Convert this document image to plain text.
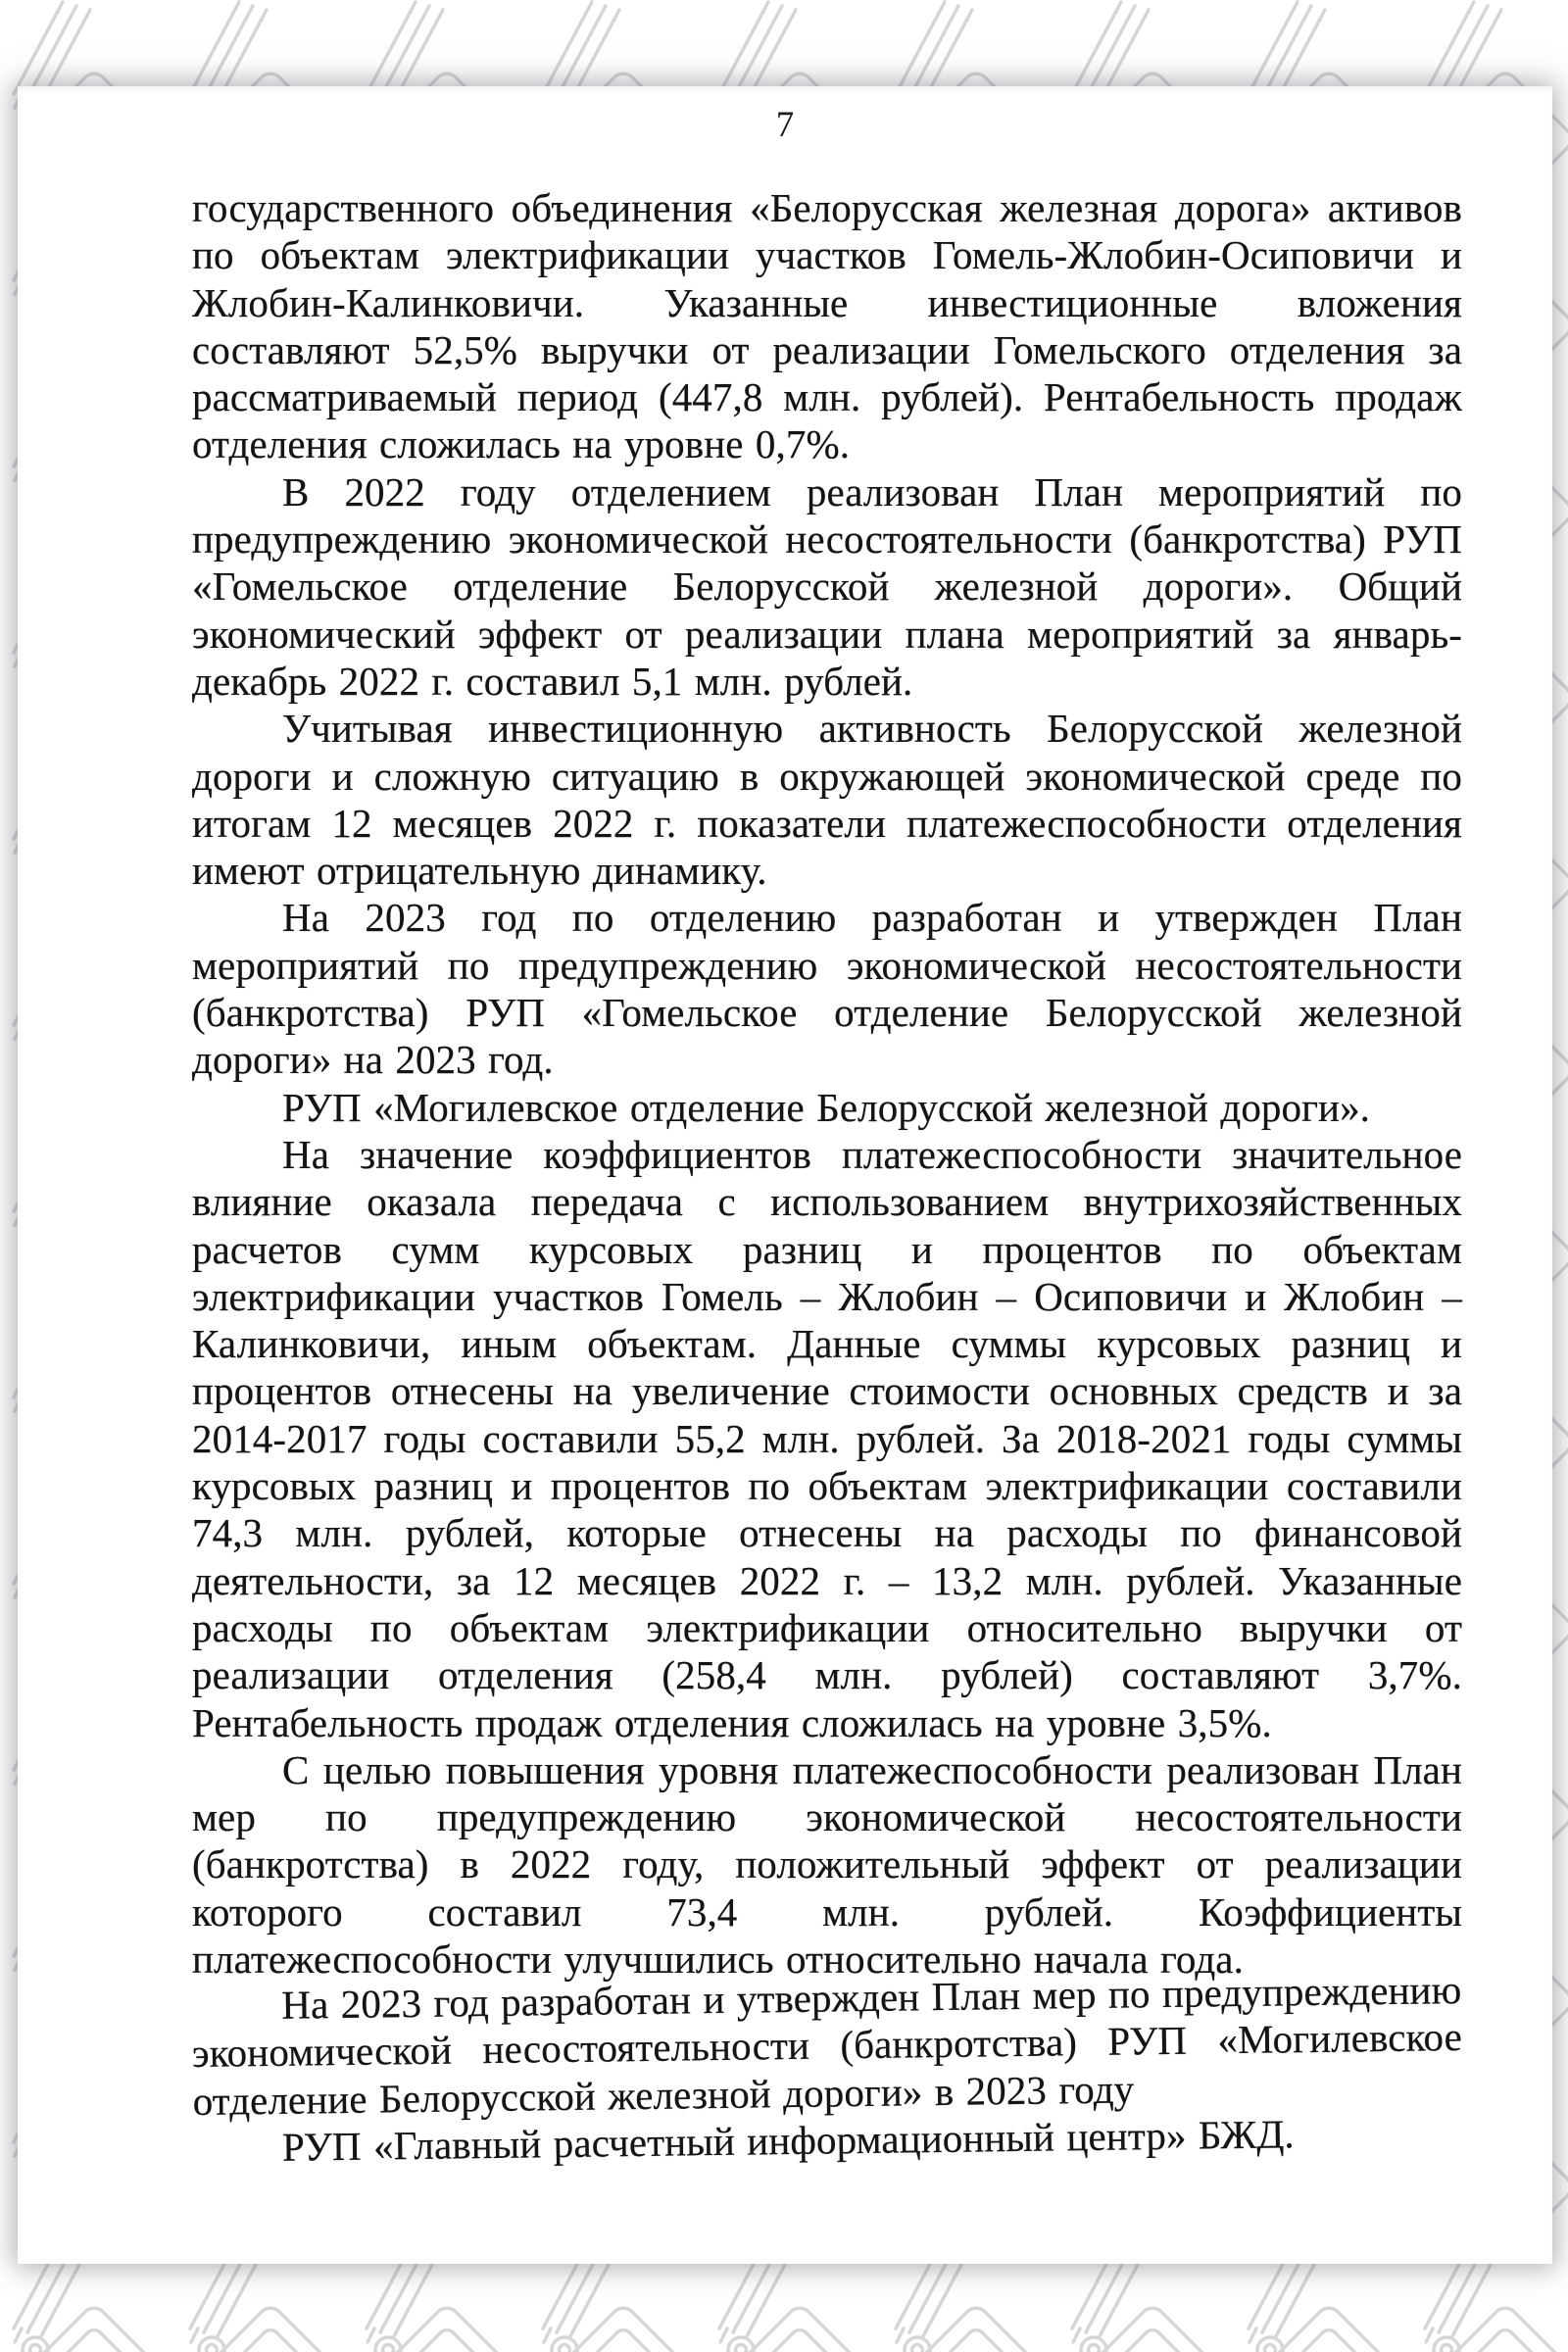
7

государственного объединения «Белорусская железная дорога» активов по объектам электрификации участков Гомель-Жлобин-Осиповичи и Жлобин-Калинковичи. Указанные инвестиционные вложения составляют 52,5% выручки от реализации Гомельского отделения за рассматриваемый период (447,8 млн. рублей). Рентабельность продаж отделения сложилась на уровне 0,7%.

В 2022 году отделением реализован План мероприятий по предупреждению экономической несостоятельности (банкротства) РУП «Гомельское отделение Белорусской железной дороги». Общий экономический эффект от реализации плана мероприятий за январь-декабрь 2022 г. составил 5,1 млн. рублей.

Учитывая инвестиционную активность Белорусской железной дороги и сложную ситуацию в окружающей экономической среде по итогам 12 месяцев 2022 г. показатели платежеспособности отделения имеют отрицательную динамику.

На 2023 год по отделению разработан и утвержден План мероприятий по предупреждению экономической несостоятельности (банкротства) РУП «Гомельское отделение Белорусской железной дороги» на 2023 год.

РУП «Могилевское отделение Белорусской железной дороги».

На значение коэффициентов платежеспособности значительное влияние оказала передача с использованием внутрихозяйственных расчетов сумм курсовых разниц и процентов по объектам электрификации участков Гомель – Жлобин – Осиповичи и Жлобин – Калинковичи, иным объектам. Данные суммы курсовых разниц и процентов отнесены на увеличение стоимости основных средств и за 2014-2017 годы составили 55,2 млн. рублей. За 2018-2021 годы суммы курсовых разниц и процентов по объектам электрификации составили 74,3 млн. рублей, которые отнесены на расходы по финансовой деятельности, за 12 месяцев 2022 г. – 13,2 млн. рублей. Указанные расходы по объектам электрификации относительно выручки от реализации отделения (258,4 млн. рублей) составляют 3,7%. Рентабельность продаж отделения сложилась на уровне 3,5%.

С целью повышения уровня платежеспособности реализован План мер по предупреждению экономической несостоятельности (банкротства) в 2022 году, положительный эффект от реализации которого составил 73,4 млн. рублей. Коэффициенты платежеспособности улучшились относительно начала года.

На 2023 год разработан и утвержден План мер по предупреждению экономической несостоятельности (банкротства) РУП «Могилевское отделение Белорусской железной дороги» в 2023 году

РУП «Главный расчетный информационный центр» БЖД.
